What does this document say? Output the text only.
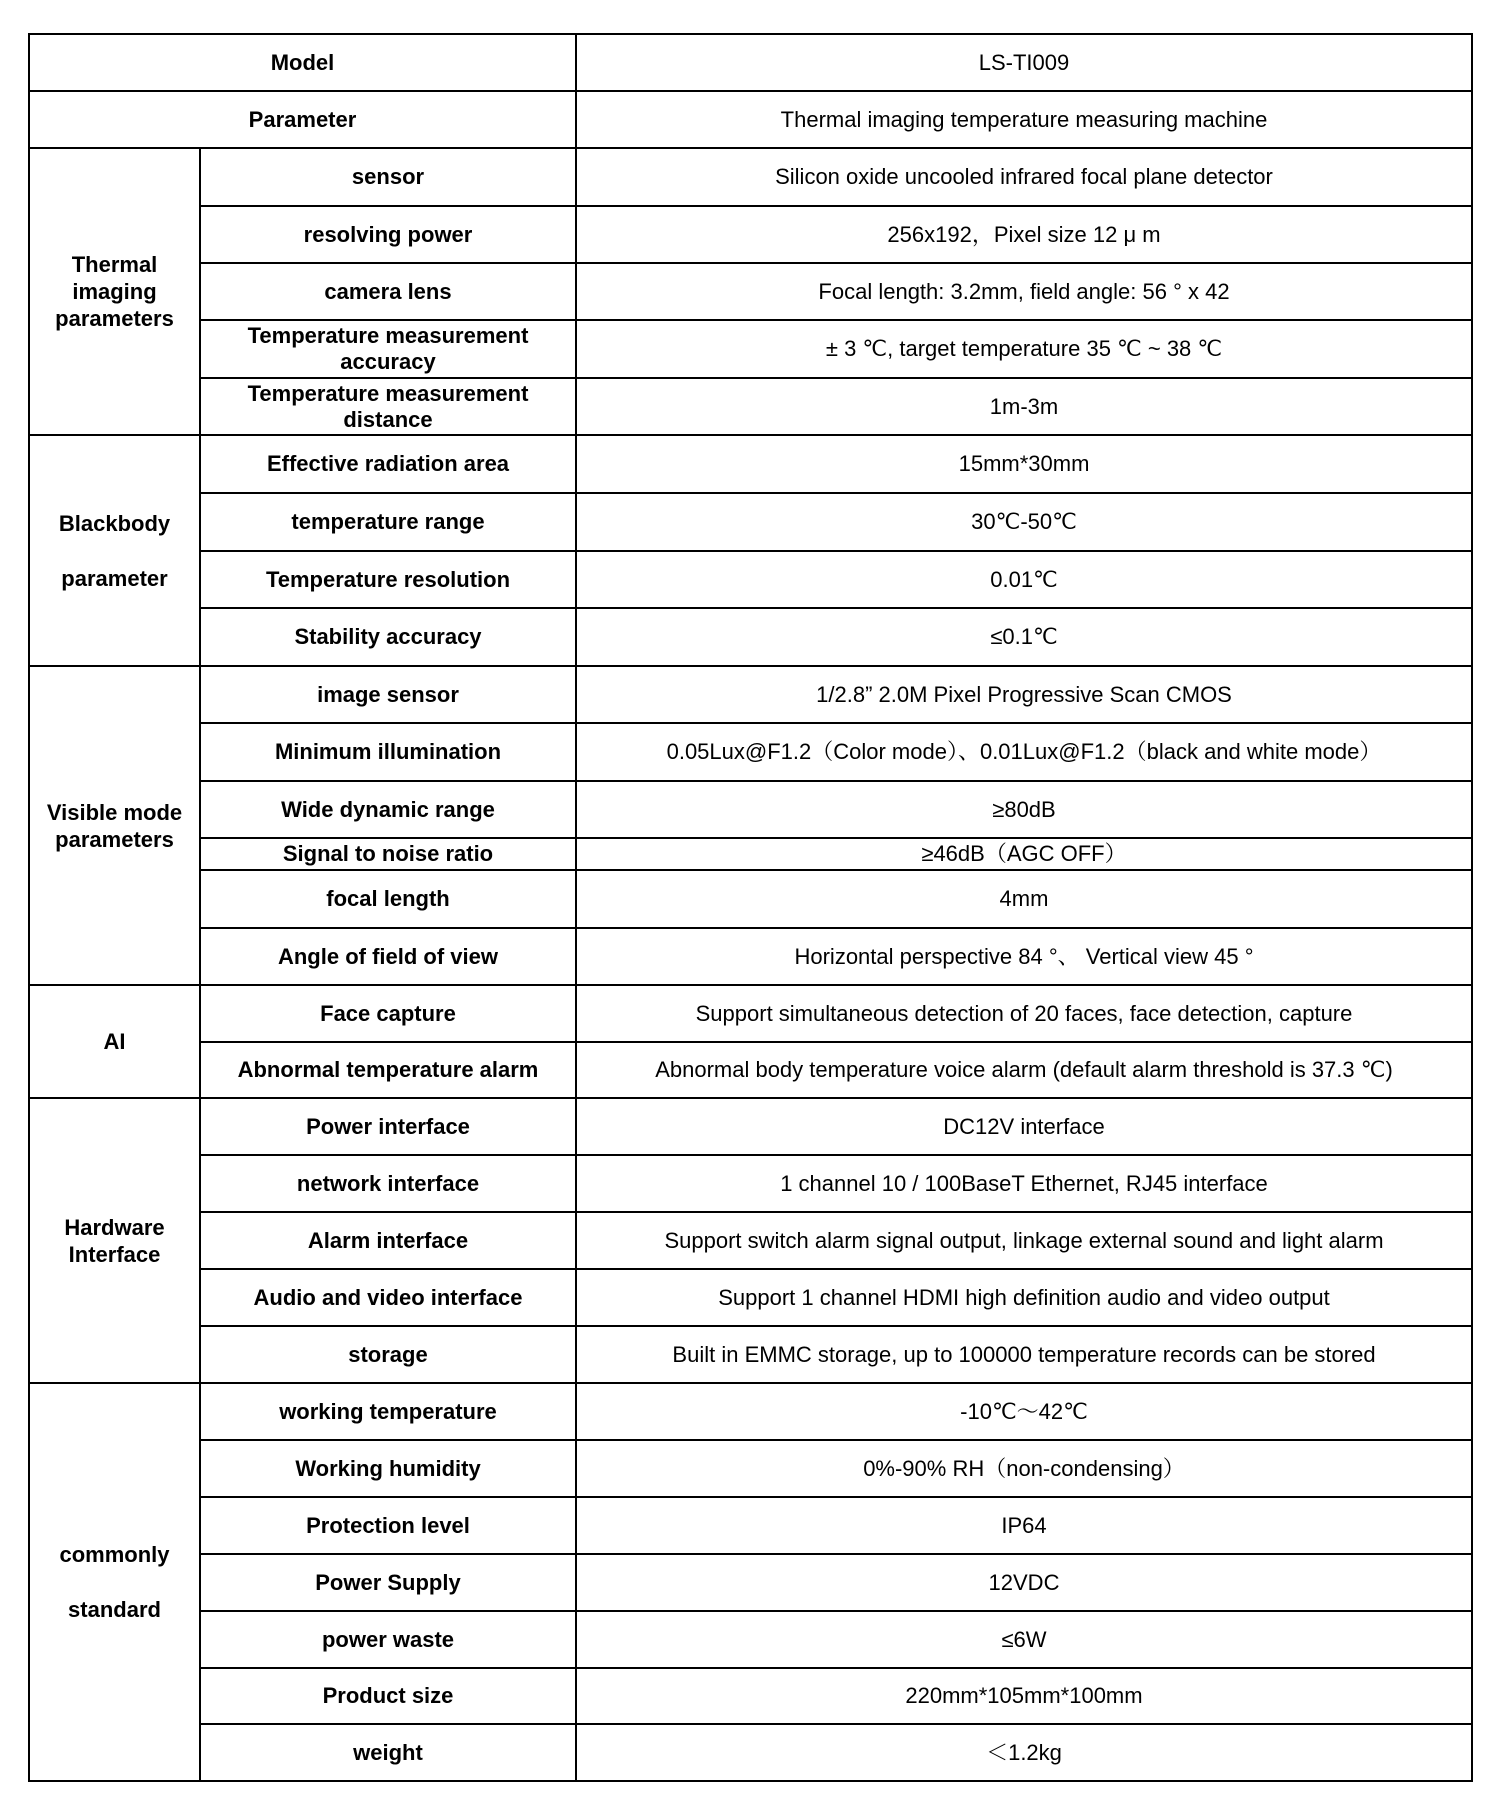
Model		LS-TI009
Parameter		Thermal imaging temperature measuring machine

Thermal
imaging
parameters	sensor	Silicon oxide uncooled infrared focal plane detector
	resolving power	256x192，Pixel size 12 μ m
	camera lens	Focal length: 3.2mm, field angle: 56 ° x 42
	Temperature measurement accuracy	± 3 ℃, target temperature 35 ℃ ~ 38 ℃
	Temperature measurement distance	1m-3m

Blackbody
parameter	Effective radiation area	15mm*30mm
	temperature range	30℃-50℃
	Temperature resolution	0.01℃
	Stability accuracy	≤0.1℃

Visible mode
parameters	image sensor	1/2.8” 2.0M Pixel Progressive Scan CMOS
	Minimum illumination	0.05Lux@F1.2（Color mode）、0.01Lux@F1.2（black and white mode）
	Wide dynamic range	≥80dB
	Signal to noise ratio	≥46dB（AGC OFF）
	focal length	4mm
	Angle of field of view	Horizontal perspective 84 °、 Vertical view 45 °

AI	Face capture	Support simultaneous detection of 20 faces, face detection, capture
	Abnormal temperature alarm	Abnormal body temperature voice alarm (default alarm threshold is 37.3 ℃)

Hardware
Interface	Power interface	DC12V interface
	network interface	1 channel 10 / 100BaseT Ethernet, RJ45 interface
	Alarm interface	Support switch alarm signal output, linkage external sound and light alarm
	Audio and video interface	Support 1 channel HDMI high definition audio and video output
	storage	Built in EMMC storage, up to 100000 temperature records can be stored

commonly
standard	working temperature	-10℃～42℃
	Working humidity	0%-90% RH（non-condensing）
	Protection level	IP64
	Power Supply	12VDC
	power waste	≤6W
	Product size	220mm*105mm*100mm
	weight	＜1.2kg
